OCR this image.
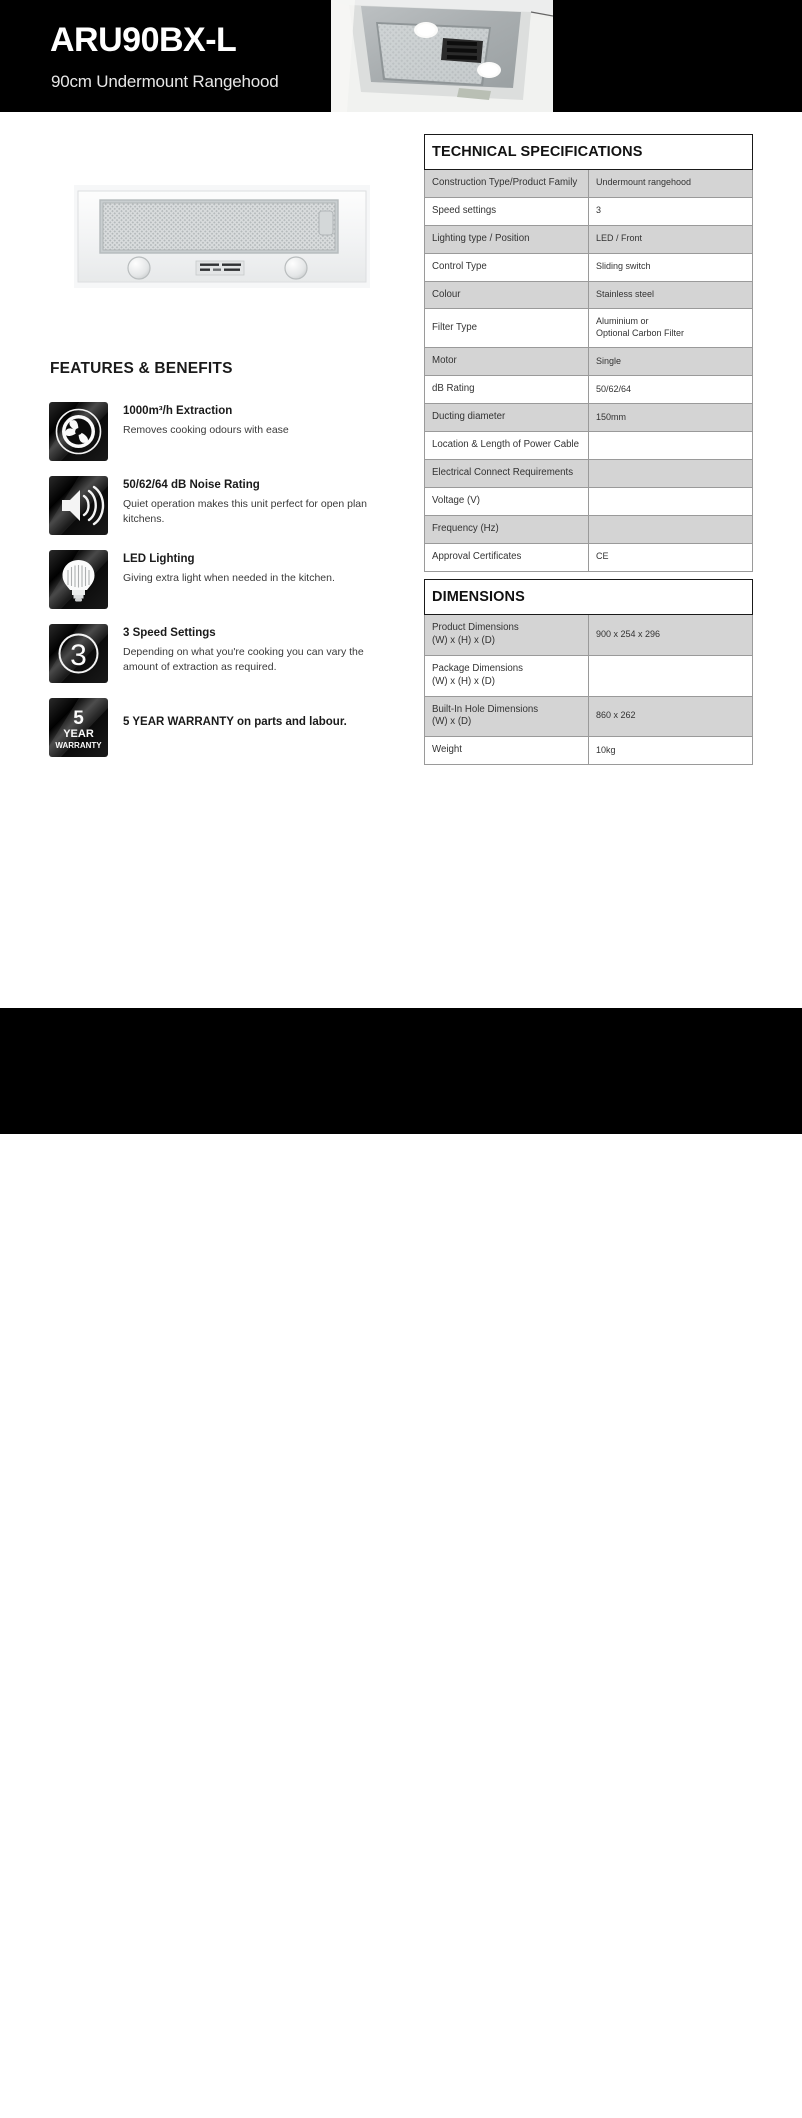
ARU90BX-L
90cm Undermount Rangehood
FEATURES & BENEFITS
1000m³/h Extraction
Removes cooking odours with ease
50/62/64 dB Noise Rating
Quiet operation makes this unit perfect for open plan kitchens.
LED Lighting
Giving extra light when needed in the kitchen.
3
3 Speed Settings
Depending on what you're cooking you can vary the amount of extraction as required.
5
YEAR
WARRANTY
5 YEAR WARRANTY on parts and labour.
TECHNICAL SPECIFICATIONS	
Construction Type/Product Family	Undermount rangehood
Speed settings	3
Lighting type / Position	LED / Front
Control Type	Sliding switch
Colour	Stainless steel
Filter Type	Aluminium or
Optional Carbon Filter
Motor	Single
dB Rating	50/62/64
Ducting diameter	150mm
Location & Length of Power Cable	
Electrical Connect Requirements	
Voltage (V)	
Frequency (Hz)	
Approval Certificates	CE
DIMENSIONS	
Product Dimensions
(W) x (H) x (D)	900 x 254 x 296
Package Dimensions
(W) x (H) x (D)	
Built-In Hole Dimensions
(W) x (D)	860 x 262
Weight	10kg
DISTRIBUTED BY ARISIT PTY LTD
40-50 Mark Anthony Drive,
Dandenong South VIC 3175
Ph: 1300 762 219
Fax: 03 9768 0838
Website: www.arisit.com
1A Howe Street,
Newton, Auckland NZ 1145
Ph: (09) 306 1020
Website: www.arisit.com
